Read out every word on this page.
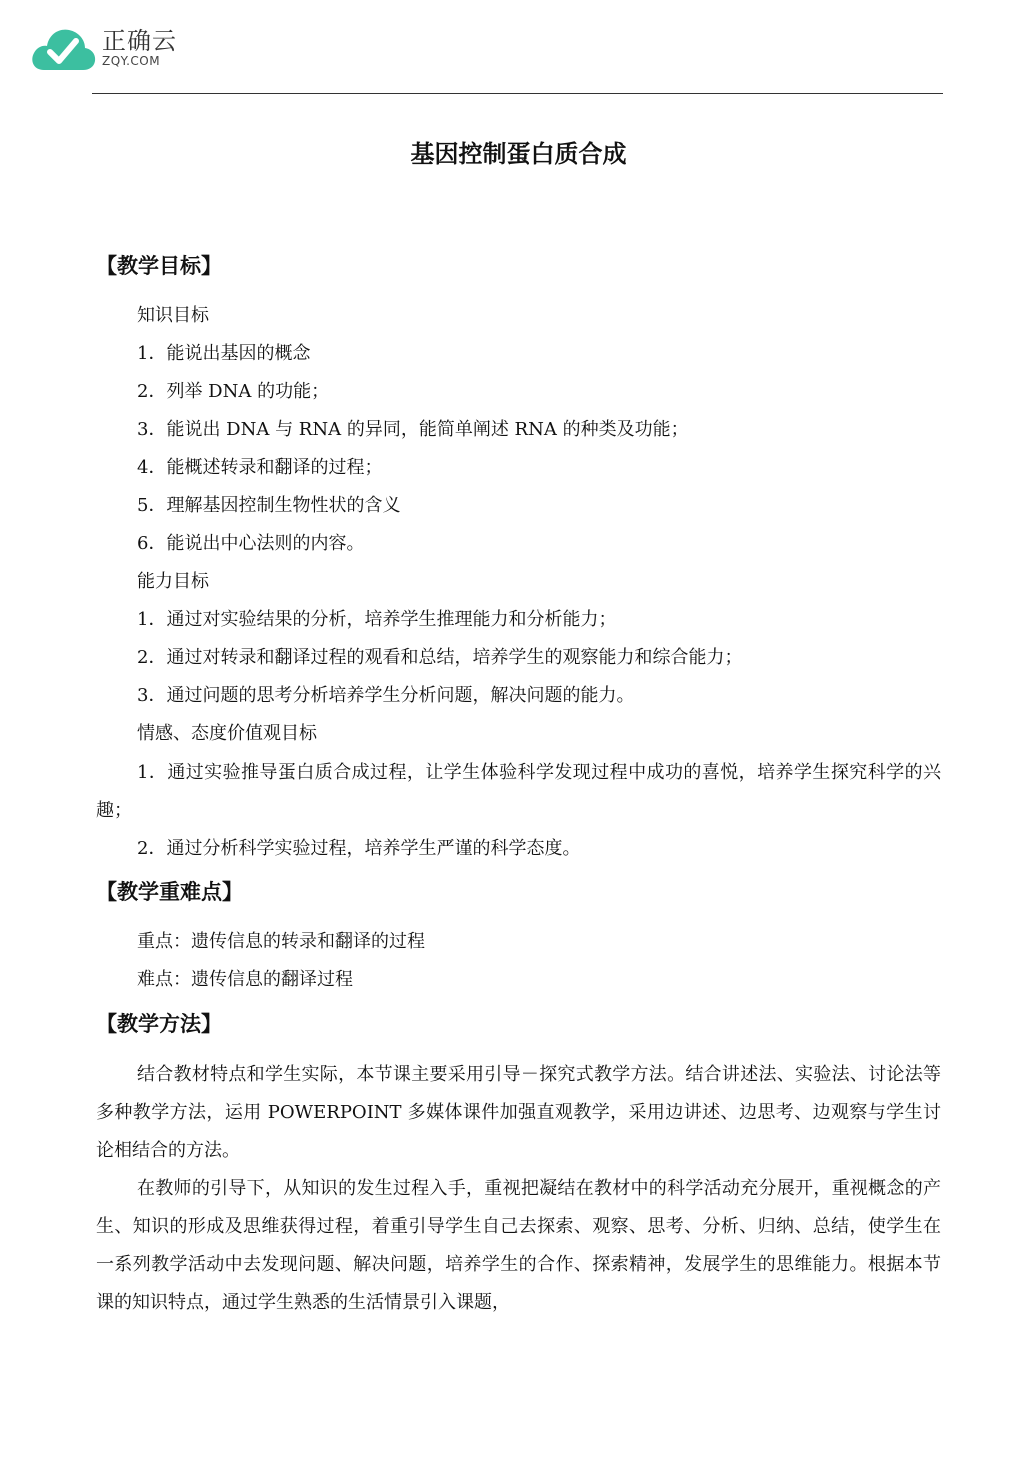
正确云
ZQY.COM
基因控制蛋白质合成
【教学目标】
知识目标
1．能说出基因的概念
2．列举 DNA 的功能；
3．能说出 DNA 与 RNA 的异同，能简单阐述 RNA 的种类及功能；
4．能概述转录和翻译的过程；
5．理解基因控制生物性状的含义
6．能说出中心法则的内容。
能力目标
1．通过对实验结果的分析，培养学生推理能力和分析能力；
2．通过对转录和翻译过程的观看和总结，培养学生的观察能力和综合能力；
3．通过问题的思考分析培养学生分析问题，解决问题的能力。
情感、态度价值观目标
1．通过实验推导蛋白质合成过程，让学生体验科学发现过程中成功的喜悦，培养学生探究科学的兴趣；
2．通过分析科学实验过程，培养学生严谨的科学态度。
【教学重难点】
重点：遗传信息的转录和翻译的过程
难点：遗传信息的翻译过程
【教学方法】
结合教材特点和学生实际，本节课主要采用引导－探究式教学方法。结合讲述法、实验法、讨论法等多种教学方法，运用 POWERPOINT 多媒体课件加强直观教学，采用边讲述、边思考、边观察与学生讨论相结合的方法。
在教师的引导下，从知识的发生过程入手，重视把凝结在教材中的科学活动充分展开，重视概念的产生、知识的形成及思维获得过程，着重引导学生自己去探索、观察、思考、分析、归纳、总结，使学生在一系列教学活动中去发现问题、解决问题，培养学生的合作、探索精神，发展学生的思维能力。根据本节课的知识特点，通过学生熟悉的生活情景引入课题，
